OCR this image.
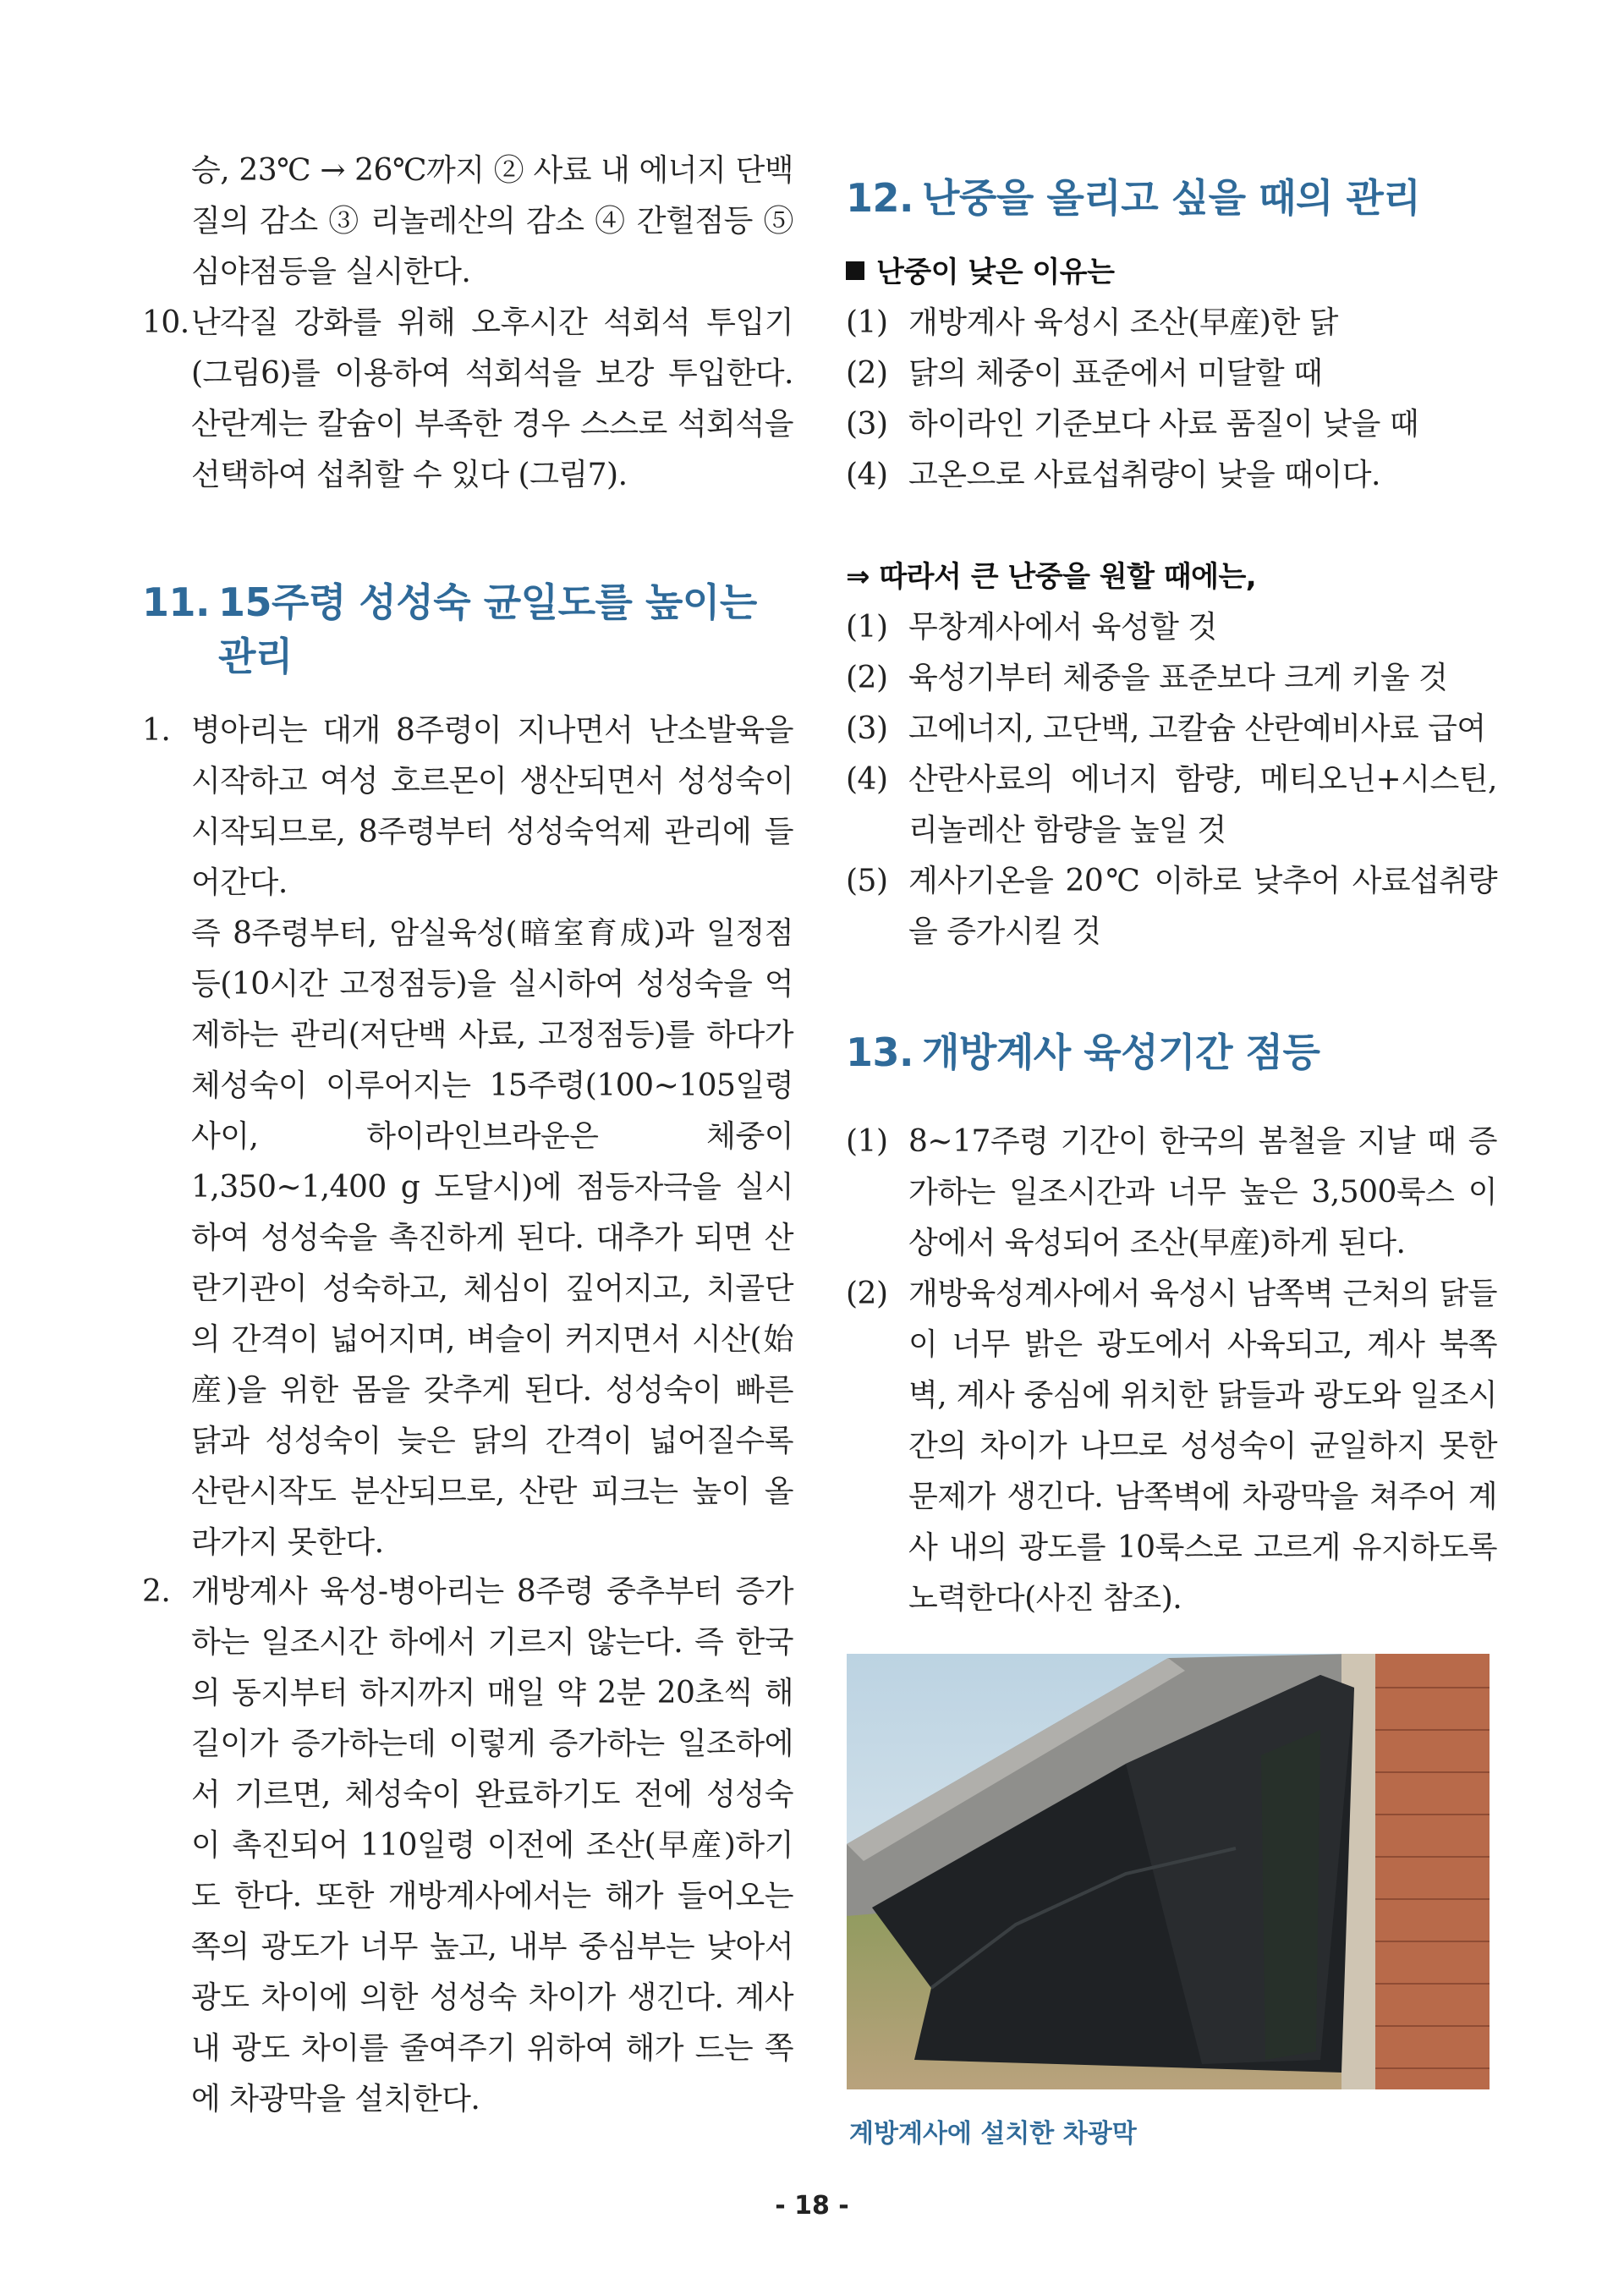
승, 23℃ → 26℃까지 ② 사료 내 에너지 단백질의 감소 ③ 리놀레산의 감소 ④ 간헐점등 ⑤ 심야점등을 실시한다.

10. 난각질 강화를 위해 오후시간 석회석 투입기(그림6)를 이용하여 석회석을 보강 투입한다. 산란계는 칼슘이 부족한 경우 스스로 석회석을 선택하여 섭취할 수 있다 (그림7).
11. 15주령 성성숙 균일도를 높이는
관리
1. 병아리는 대개 8주령이 지나면서 난소발육을 시작하고 여성 호르몬이 생산되면서 성성숙이 시작되므로, 8주령부터 성성숙억제 관리에 들어간다.
즉 8주령부터, 암실육성(暗室育成)과 일정점등(10시간 고정점등)을 실시하여 성성숙을 억제하는 관리(저단백 사료, 고정점등)를 하다가 체성숙이 이루어지는 15주령(100~105일령 사이, 하이라인브라운은 체중이 1,350~1,400 g 도달시)에 점등자극을 실시하여 성성숙을 촉진하게 된다. 대추가 되면 산란기관이 성숙하고, 체심이 깊어지고, 치골단의 간격이 넓어지며, 벼슬이 커지면서 시산(始産)을 위한 몸을 갖추게 된다. 성성숙이 빠른 닭과 성성숙이 늦은 닭의 간격이 넓어질수록 산란시작도 분산되므로, 산란 피크는 높이 올라가지 못한다.
2. 개방계사 육성-병아리는 8주령 중추부터 증가하는 일조시간 하에서 기르지 않는다. 즉 한국의 동지부터 하지까지 매일 약 2분 20초씩 해 길이가 증가하는데 이렇게 증가하는 일조하에서 기르면, 체성숙이 완료하기도 전에 성성숙이 촉진되어 110일령 이전에 조산(早産)하기도 한다. 또한 개방계사에서는 해가 들어오는 쪽의 광도가 너무 높고, 내부 중심부는 낮아서 광도 차이에 의한 성성숙 차이가 생긴다. 계사내 광도 차이를 줄여주기 위하여 해가 드는 쪽에 차광막을 설치한다.
12. 난중을 올리고 싶을 때의 관리
난중이 낮은 이유는
(1) 개방계사 육성시 조산(早産)한 닭
(2) 닭의 체중이 표준에서 미달할 때
(3) 하이라인 기준보다 사료 품질이 낮을 때
(4) 고온으로 사료섭취량이 낮을 때이다.
⇒ 따라서 큰 난중을 원할 때에는,
(1) 무창계사에서 육성할 것
(2) 육성기부터 체중을 표준보다 크게 키울 것
(3) 고에너지, 고단백, 고칼슘 산란예비사료 급여
(4) 산란사료의 에너지 함량, 메티오닌+시스틴, 리놀레산 함량을 높일 것
(5) 계사기온을 20℃ 이하로 낮추어 사료섭취량을 증가시킬 것
13. 개방계사 육성기간 점등
(1) 8~17주령 기간이 한국의 봄철을 지날 때 증가하는 일조시간과 너무 높은 3,500룩스 이상에서 육성되어 조산(早産)하게 된다.
(2) 개방육성계사에서 육성시 남쪽벽 근처의 닭들이 너무 밝은 광도에서 사육되고, 계사 북쪽벽, 계사 중심에 위치한 닭들과 광도와 일조시간의 차이가 나므로 성성숙이 균일하지 못한 문제가 생긴다. 남쪽벽에 차광막을 쳐주어 계사 내의 광도를 10룩스로 고르게 유지하도록 노력한다(사진 참조).
계방계사에 설치한 차광막
- 18 -
